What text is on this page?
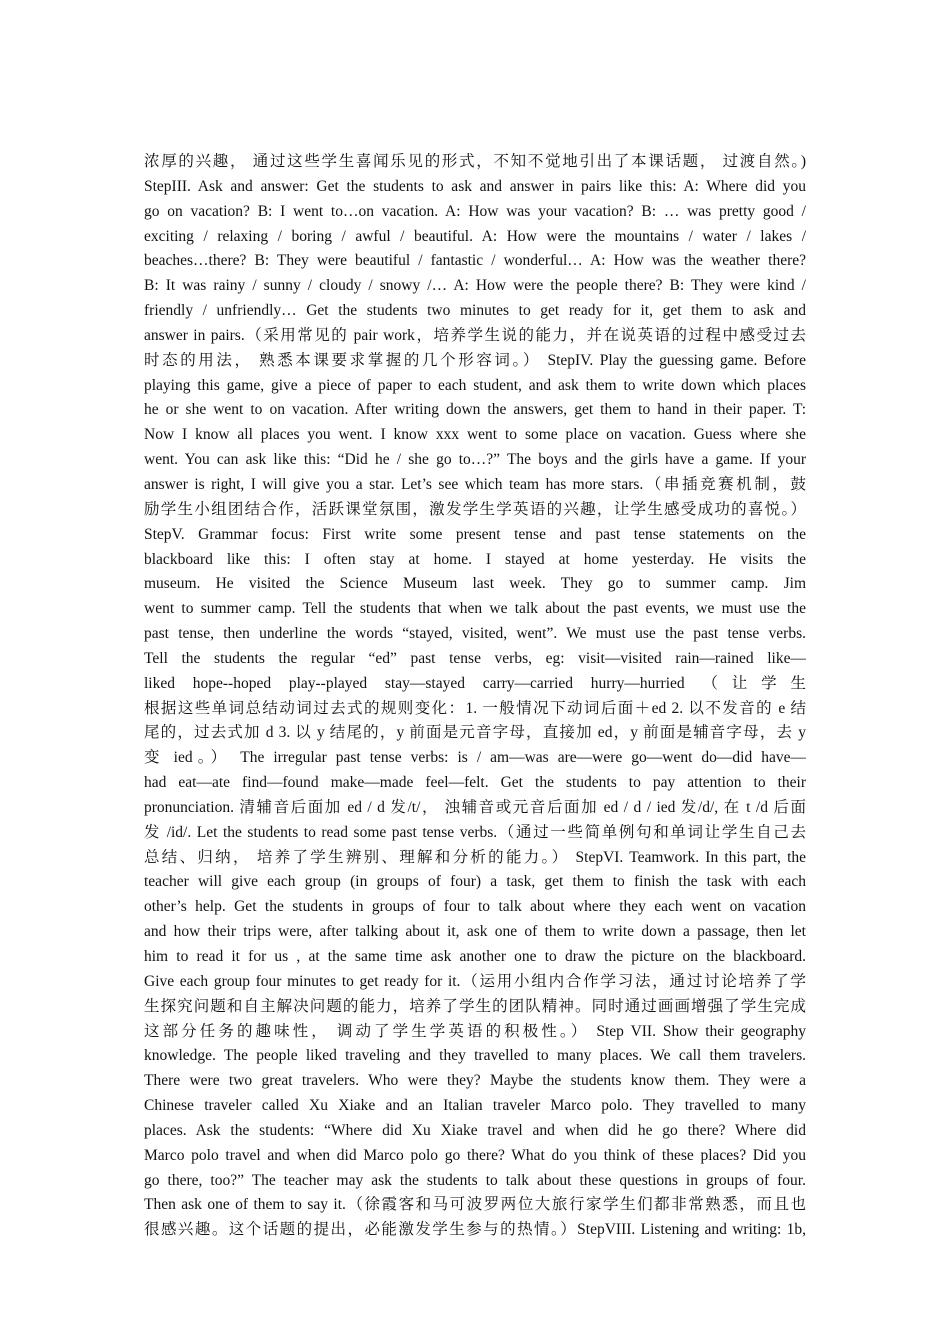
浓厚的兴趣， 通过这些学生喜闻乐见的形式，不知不觉地引出了本课话题， 过渡自然。)
StepIII. Ask and answer: Get the students to ask and answer in pairs like this: A: Where did you
go on vacation? B: I went to…on vacation. A: How was your vacation? B: … was pretty good /
exciting / relaxing / boring / awful / beautiful. A: How were the mountains / water / lakes /
beaches…there? B: They were beautiful / fantastic / wonderful… A: How was the weather there?
B: It was rainy / sunny / cloudy / snowy /… A: How were the people there? B: They were kind /
friendly / unfriendly… Get the students two minutes to get ready for it, get them to ask and
answer in pairs.（采用常见的 pair work，培养学生说的能力，并在说英语的过程中感受过去
时态的用法， 熟悉本课要求掌握的几个形容词。） StepIV. Play the guessing game. Before
playing this game, give a piece of paper to each student, and ask them to write down which places
he or she went to on vacation. After writing down the answers, get them to hand in their paper. T:
Now I know all places you went. I know xxx went to some place on vacation. Guess where she
went. You can ask like this: “Did he / she go to…?” The boys and the girls have a game. If your
answer is right, I will give you a star. Let’s see which team has more stars.（串插竞赛机制，鼓
励学生小组团结合作，活跃课堂氛围，激发学生学英语的兴趣，让学生感受成功的喜悦。）
StepV. Grammar focus: First write some present tense and past tense statements on the
blackboard like this: I often stay at home. I stayed at home yesterday. He visits the
museum. He visited the Science Museum last week. They go to summer camp. Jim
went to summer camp. Tell the students that when we talk about the past events, we must use the
past tense, then underline the words “stayed, visited, went”. We must use the past tense verbs.
Tell the students the regular “ed” past tense verbs, eg: visit—visited rain—rained like—
liked hope--hoped play--played stay—stayed carry—carried hurry—hurried （让学生
根据这些单词总结动词过去式的规则变化：1. 一般情况下动词后面＋ed 2. 以不发音的 e 结
尾的，过去式加 d 3. 以 y 结尾的，y 前面是元音字母，直接加 ed，y 前面是辅音字母，去 y
变 ied。） The irregular past tense verbs: is / am—was are—were go—went do—did have—
had eat—ate find—found make—made feel—felt. Get the students to pay attention to their
pronunciation. 清辅音后面加 ed / d 发/t/， 浊辅音或元音后面加 ed / d / ied 发/d/, 在 t /d 后面
发 /id/. Let the students to read some past tense verbs.（通过一些简单例句和单词让学生自己去
总结、归纳， 培养了学生辨别、理解和分析的能力。） StepVI. Teamwork. In this part, the
teacher will give each group (in groups of four) a task, get them to finish the task with each
other’s help. Get the students in groups of four to talk about where they each went on vacation
and how their trips were, after talking about it, ask one of them to write down a passage, then let
him to read it for us , at the same time ask another one to draw the picture on the blackboard.
Give each group four minutes to get ready for it.（运用小组内合作学习法，通过讨论培养了学
生探究问题和自主解决问题的能力，培养了学生的团队精神。同时通过画画增强了学生完成
这部分任务的趣味性， 调动了学生学英语的积极性。） Step VII. Show their geography
knowledge. The people liked traveling and they travelled to many places. We call them travelers.
There were two great travelers. Who were they? Maybe the students know them. They were a
Chinese traveler called Xu Xiake and an Italian traveler Marco polo. They travelled to many
places. Ask the students: “Where did Xu Xiake travel and when did he go there? Where did
Marco polo travel and when did Marco polo go there? What do you think of these places? Did you
go there, too?” The teacher may ask the students to talk about these questions in groups of four.
Then ask one of them to say it.（徐霞客和马可波罗两位大旅行家学生们都非常熟悉，而且也
很感兴趣。这个话题的提出，必能激发学生参与的热情。）StepVIII. Listening and writing: 1b,
